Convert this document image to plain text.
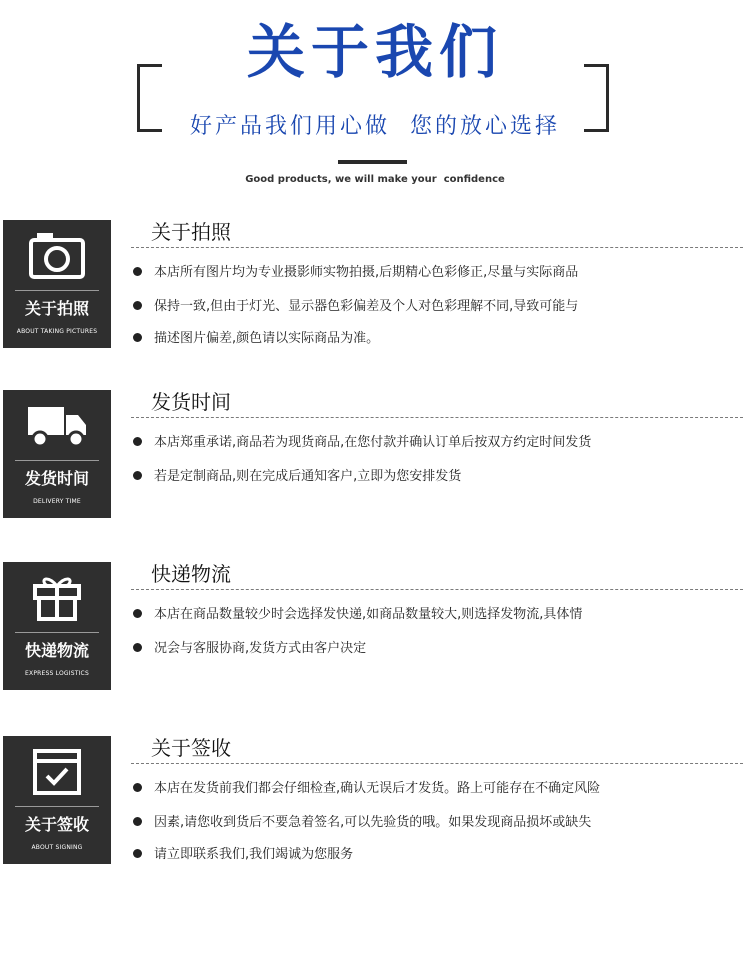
关于我们
好产品我们用心做  您的放心选择
Good products, we will make your  confidence
关于拍照
ABOUT TAKING PICTURES
关于拍照
本店所有图片均为专业摄影师实物拍摄,后期精心色彩修正,尽量与实际商品
保持一致,但由于灯光、显示器色彩偏差及个人对色彩理解不同,导致可能与
描述图片偏差,颜色请以实际商品为准。
发货时间
DELIVERY TIME
发货时间
本店郑重承诺,商品若为现货商品,在您付款并确认订单后按双方约定时间发货
若是定制商品,则在完成后通知客户,立即为您安排发货
快递物流
EXPRESS LOGISTICS
快递物流
本店在商品数量较少时会选择发快递,如商品数量较大,则选择发物流,具体情
况会与客服协商,发货方式由客户决定
关于签收
ABOUT SIGNING
关于签收
本店在发货前我们都会仔细检查,确认无误后才发货。路上可能存在不确定风险
因素,请您收到货后不要急着签名,可以先验货的哦。如果发现商品损坏或缺失
请立即联系我们,我们竭诚为您服务
